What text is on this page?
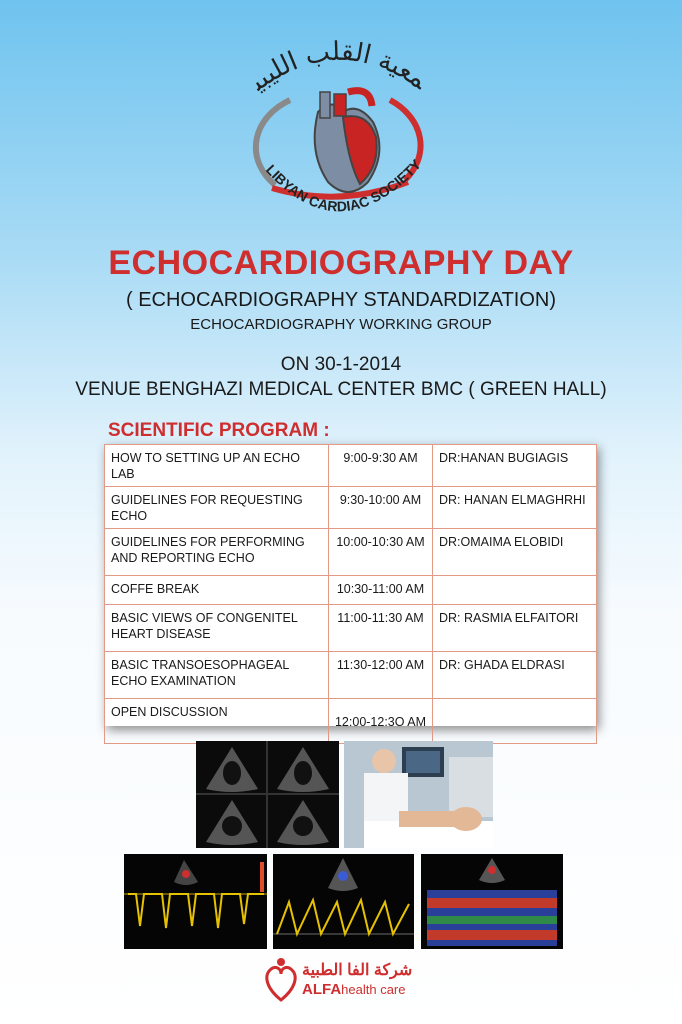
معية القلب الليبي
LIBYAN CARDIAC SOCIETY
ECHOCARDIOGRAPHY DAY
( ECHOCARDIOGRAPHY STANDARDIZATION)
ECHOCARDIOGRAPHY WORKING GROUP
ON 30-1-2014
VENUE BENGHAZI MEDICAL CENTER BMC ( GREEN HALL)
SCIENTIFIC PROGRAM :
HOW TO SETTING UP AN ECHO LAB	9:00-9:30 AM	DR:HANAN BUGIAGIS
GUIDELINES FOR REQUESTING ECHO	9:30-10:00 AM	DR: HANAN ELMAGHRHI
GUIDELINES FOR PERFORMING AND REPORTING ECHO	10:00-10:30 AM	DR:OMAIMA ELOBIDI
COFFE BREAK	10:30-11:00 AM	
BASIC VIEWS OF CONGENITEL HEART DISEASE	11:00-11:30 AM	DR: RASMIA ELFAITORI
BASIC TRANSOESOPHAGEAL ECHO EXAMINATION	11:30-12:00 AM	DR: GHADA ELDRASI
OPEN DISCUSSION	12:00-12:3O AM	
شركة الفا الطبية
ALFAhealth care
